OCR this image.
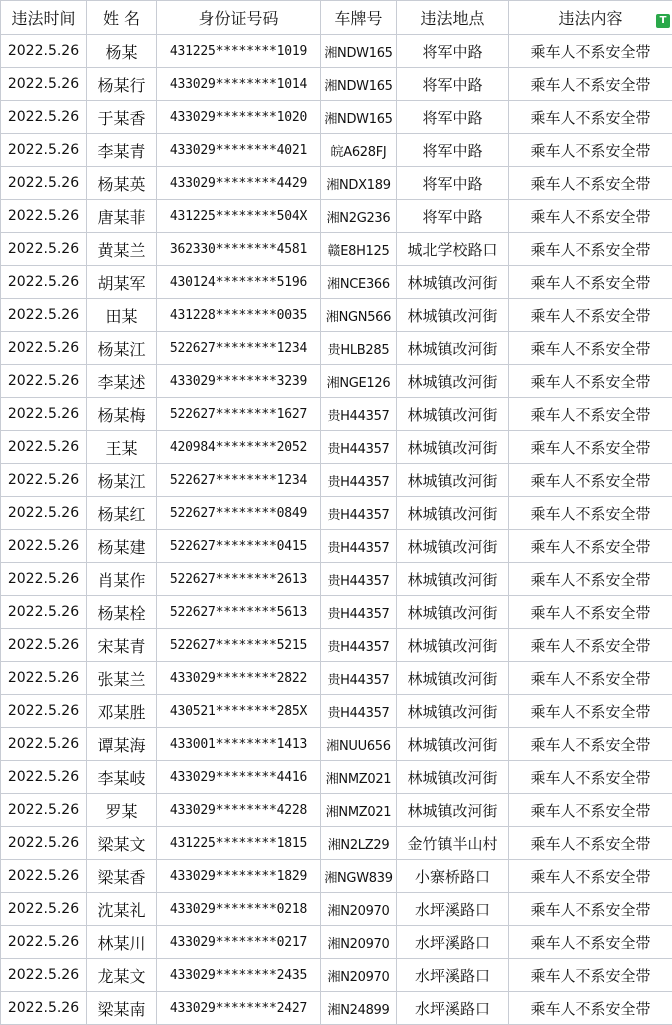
违法时间	姓 名	身份证号码	车牌号	违法地点	违法内容
2022.5.26	杨某	431225********1019	湘NDW165	将军中路	乘车人不系安全带
2022.5.26	杨某行	433029********1014	湘NDW165	将军中路	乘车人不系安全带
2022.5.26	于某香	433029********1020	湘NDW165	将军中路	乘车人不系安全带
2022.5.26	李某青	433029********4021	皖A628FJ	将军中路	乘车人不系安全带
2022.5.26	杨某英	433029********4429	湘NDX189	将军中路	乘车人不系安全带
2022.5.26	唐某菲	431225********504X	湘N2G236	将军中路	乘车人不系安全带
2022.5.26	黄某兰	362330********4581	赣E8H125	城北学校路口	乘车人不系安全带
2022.5.26	胡某军	430124********5196	湘NCE366	林城镇改河街	乘车人不系安全带
2022.5.26	田某	431228********0035	湘NGN566	林城镇改河街	乘车人不系安全带
2022.5.26	杨某江	522627********1234	贵HLB285	林城镇改河街	乘车人不系安全带
2022.5.26	李某述	433029********3239	湘NGE126	林城镇改河街	乘车人不系安全带
2022.5.26	杨某梅	522627********1627	贵H44357	林城镇改河街	乘车人不系安全带
2022.5.26	王某	420984********2052	贵H44357	林城镇改河街	乘车人不系安全带
2022.5.26	杨某江	522627********1234	贵H44357	林城镇改河街	乘车人不系安全带
2022.5.26	杨某红	522627********0849	贵H44357	林城镇改河街	乘车人不系安全带
2022.5.26	杨某建	522627********0415	贵H44357	林城镇改河街	乘车人不系安全带
2022.5.26	肖某作	522627********2613	贵H44357	林城镇改河街	乘车人不系安全带
2022.5.26	杨某栓	522627********5613	贵H44357	林城镇改河街	乘车人不系安全带
2022.5.26	宋某青	522627********5215	贵H44357	林城镇改河街	乘车人不系安全带
2022.5.26	张某兰	433029********2822	贵H44357	林城镇改河街	乘车人不系安全带
2022.5.26	邓某胜	430521********285X	贵H44357	林城镇改河街	乘车人不系安全带
2022.5.26	谭某海	433001********1413	湘NUU656	林城镇改河街	乘车人不系安全带
2022.5.26	李某岐	433029********4416	湘NMZ021	林城镇改河街	乘车人不系安全带
2022.5.26	罗某	433029********4228	湘NMZ021	林城镇改河街	乘车人不系安全带
2022.5.26	梁某文	431225********1815	湘N2LZ29	金竹镇半山村	乘车人不系安全带
2022.5.26	梁某香	433029********1829	湘NGW839	小寨桥路口	乘车人不系安全带
2022.5.26	沈某礼	433029********0218	湘N20970	水坪溪路口	乘车人不系安全带
2022.5.26	林某川	433029********0217	湘N20970	水坪溪路口	乘车人不系安全带
2022.5.26	龙某文	433029********2435	湘N20970	水坪溪路口	乘车人不系安全带
2022.5.26	梁某南	433029********2427	湘N24899	水坪溪路口	乘车人不系安全带
T
